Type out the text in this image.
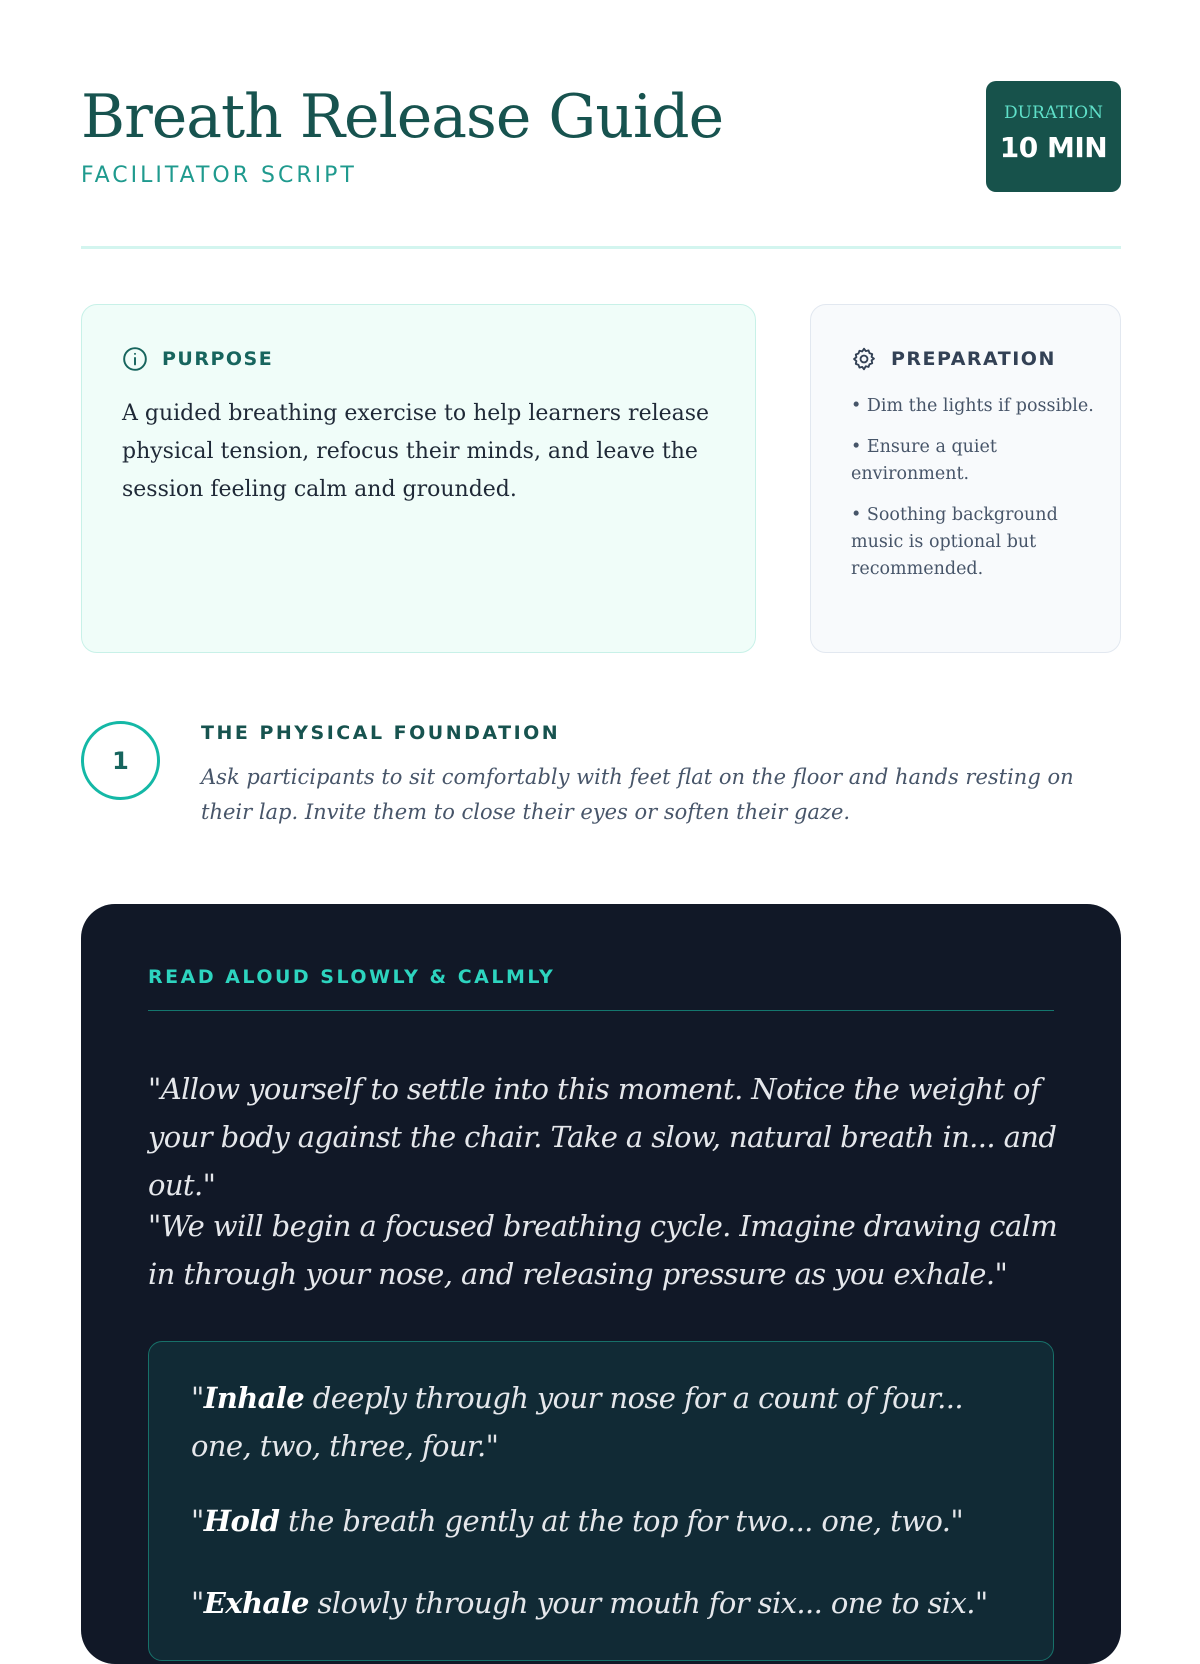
Breath Release Guide
FACILITATOR SCRIPT
DURATION
10 MIN
PURPOSE

A guided breathing exercise to help learners release physical tension, refocus their minds, and leave the session feeling calm and grounded.

PREPARATION
• Dim the lights if possible.
• Ensure a quiet environment.
• Soothing background music is optional but recommended.
1
THE PHYSICAL FOUNDATION

Ask participants to sit comfortably with feet flat on the floor and hands resting on their lap. Invite them to close their eyes or soften their gaze.

READ ALOUD SLOWLY & CALMLY

"Allow yourself to settle into this moment. Notice the weight of your body against the chair. Take a slow, natural breath in... and out."

"We will begin a focused breathing cycle. Imagine drawing calm in through your nose, and releasing pressure as you exhale."

"Inhale deeply through your nose for a count of four... one, two, three, four."

"Hold the breath gently at the top for two... one, two."

"Exhale slowly through your mouth for six... one to six."
